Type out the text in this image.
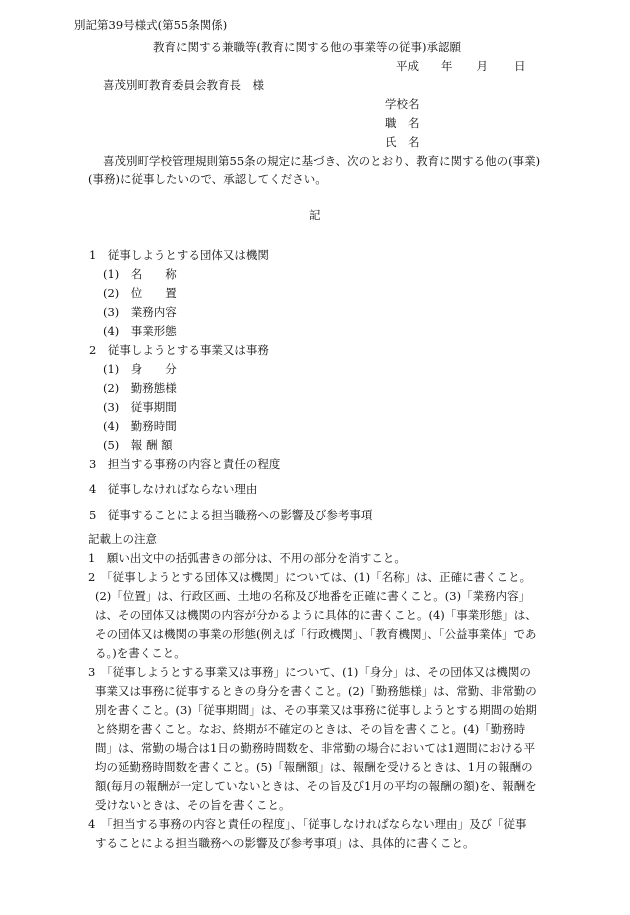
別記第39号様式(第55条関係)
教育に関する兼職等(教育に関する他の事業等の従事)承認願
平成 年 月 日
喜茂別町教育委員会教育長　様
学校名
職　名
氏　名
喜茂別町学校管理規則第55条の規定に基づき、次のとおり、教育に関する他の(事業)
(事務)に従事したいので、承認してください。
記
1　従事しようとする団体又は機関
(1)　名　　称
(2)　位　　置
(3)　業務内容
(4)　事業形態
2　従事しようとする事業又は事務
(1)　身　　分
(2)　勤務態様
(3)　従事期間
(4)　勤務時間
(5)　報 酬 額
3　担当する事務の内容と責任の程度
4　従事しなければならない理由
5　従事することによる担当職務への影響及び参考事項
記載上の注意
1　願い出文中の括弧書きの部分は、不用の部分を消すこと。
2　「従事しようとする団体又は機関」については、(1)「名称」は、正確に書くこと。
(2)「位置」は、行政区画、土地の名称及び地番を正確に書くこと。(3)「業務内容」
は、その団体又は機関の内容が分かるように具体的に書くこと。(4)「事業形態」は、
その団体又は機関の事業の形態(例えば「行政機関」、「教育機関」、「公益事業体」であ
る。)を書くこと。
3　「従事しようとする事業又は事務」について、(1)「身分」は、その団体又は機関の
事業又は事務に従事するときの身分を書くこと。(2)「勤務態様」は、常勤、非常勤の
別を書くこと。(3)「従事期間」は、その事業又は事務に従事しようとする期間の始期
と終期を書くこと。なお、終期が不確定のときは、その旨を書くこと。(4)「勤務時
間」は、常勤の場合は1日の勤務時間数を、非常勤の場合においては1週間における平
均の延勤務時間数を書くこと。(5)「報酬額」は、報酬を受けるときは、1月の報酬の
額(毎月の報酬が一定していないときは、その旨及び1月の平均の報酬の額)を、報酬を
受けないときは、その旨を書くこと。
4　「担当する事務の内容と責任の程度」、「従事しなければならない理由」及び「従事
することによる担当職務への影響及び参考事項」は、具体的に書くこと。
